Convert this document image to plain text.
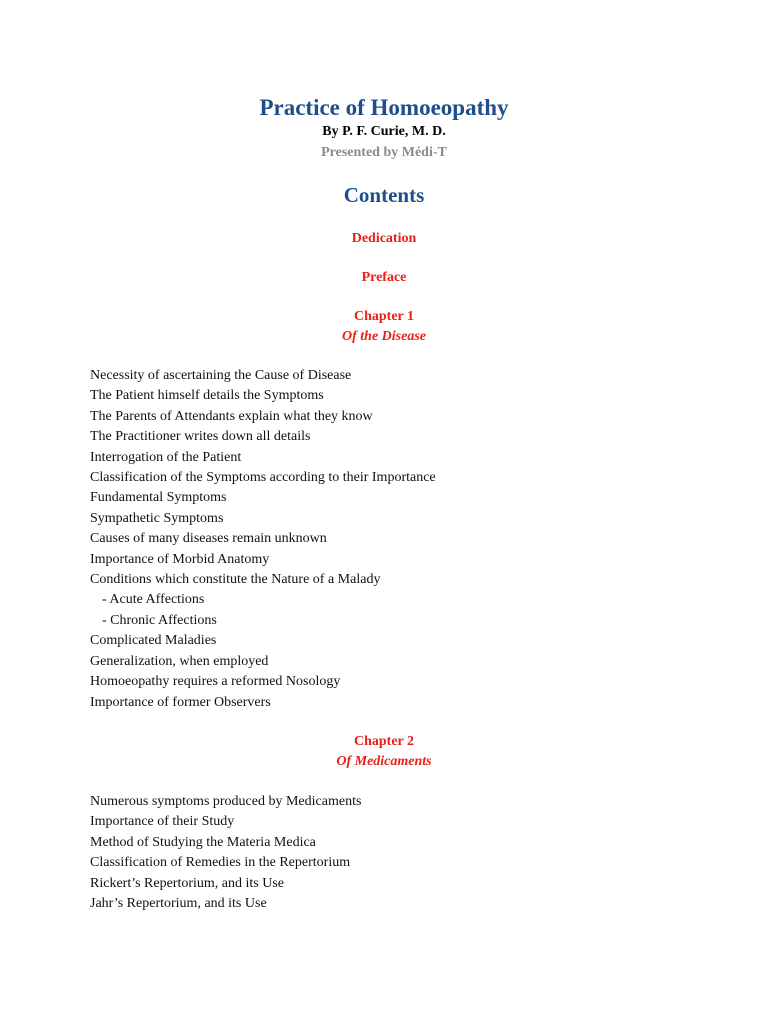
Practice of Homoeopathy
By P. F. Curie, M. D.
Presented by Médi-T
Contents
Dedication
Preface
Chapter 1
Of the Disease
Necessity of ascertaining the Cause of Disease
The Patient himself details the Symptoms
The Parents of Attendants explain what they know
The Practitioner writes down all details
Interrogation of the Patient
Classification of the Symptoms according to their Importance
Fundamental Symptoms
Sympathetic Symptoms
Causes of many diseases remain unknown
Importance of Morbid Anatomy
Conditions which constitute the Nature of a Malady
- Acute Affections
- Chronic Affections
Complicated Maladies
Generalization, when employed
Homoeopathy requires a reformed Nosology
Importance of former Observers
Chapter 2
Of Medicaments
Numerous symptoms produced by Medicaments
Importance of their Study
Method of Studying the Materia Medica
Classification of Remedies in the Repertorium
Rickert’s Repertorium, and its Use
Jahr’s Repertorium, and its Use
